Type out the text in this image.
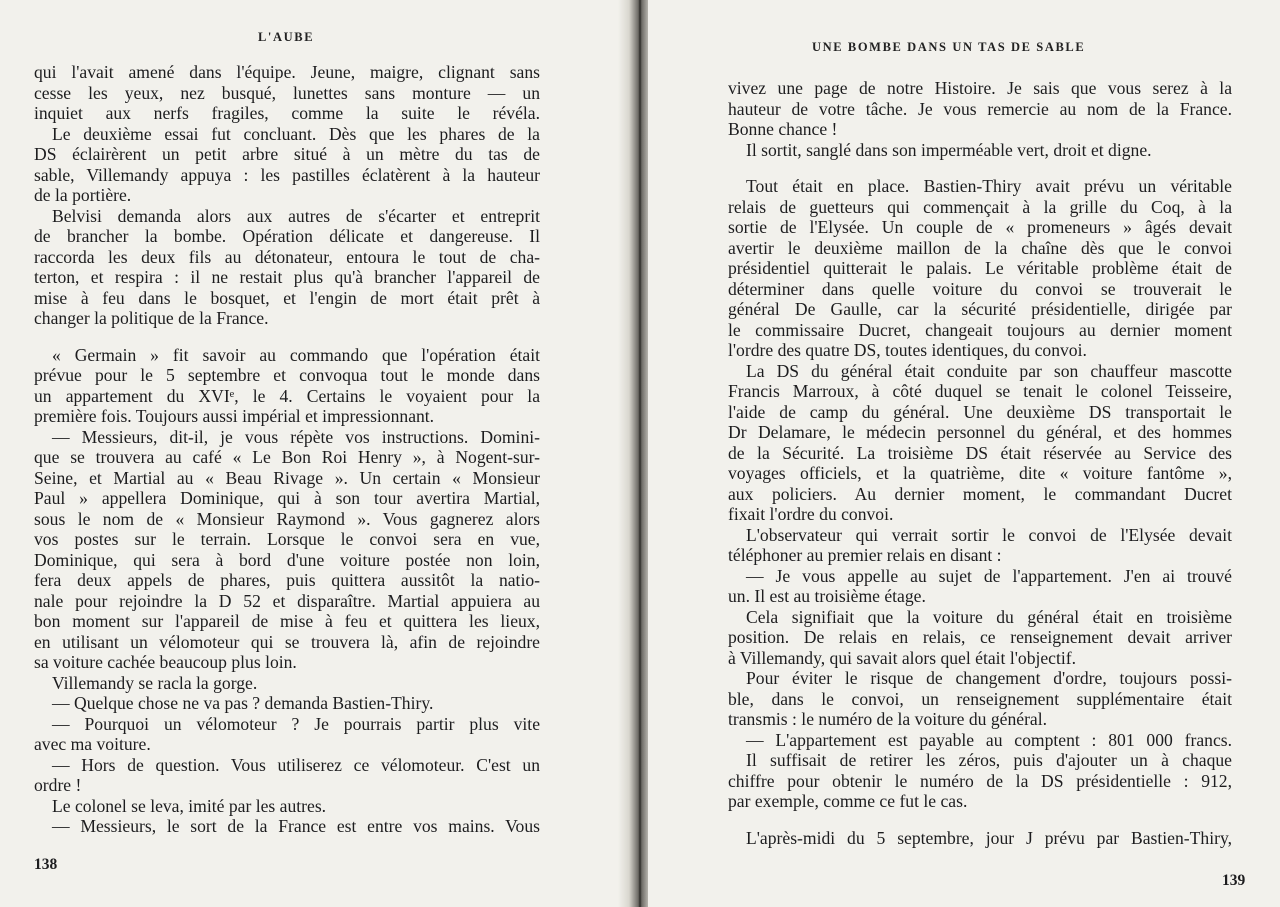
L'AUBE
qui l'avait amené dans l'équipe. Jeune, maigre, clignant sans
cesse les yeux, nez busqué, lunettes sans monture — un
inquiet aux nerfs fragiles, comme la suite le révéla.
Le deuxième essai fut concluant. Dès que les phares de la
DS éclairèrent un petit arbre situé à un mètre du tas de
sable, Villemandy appuya : les pastilles éclatèrent à la hauteur
de la portière.
Belvisi demanda alors aux autres de s'écarter et entreprit
de brancher la bombe. Opération délicate et dangereuse. Il
raccorda les deux fils au détonateur, entoura le tout de cha-
terton, et respira : il ne restait plus qu'à brancher l'appareil de
mise à feu dans le bosquet, et l'engin de mort était prêt à
changer la politique de la France.
« Germain » fit savoir au commando que l'opération était
prévue pour le 5 septembre et convoqua tout le monde dans
un appartement du XVIᵉ, le 4. Certains le voyaient pour la
première fois. Toujours aussi impérial et impressionnant.
— Messieurs, dit-il, je vous répète vos instructions. Domini-
que se trouvera au café « Le Bon Roi Henry », à Nogent-sur-
Seine, et Martial au « Beau Rivage ». Un certain « Monsieur
Paul » appellera Dominique, qui à son tour avertira Martial,
sous le nom de « Monsieur Raymond ». Vous gagnerez alors
vos postes sur le terrain. Lorsque le convoi sera en vue,
Dominique, qui sera à bord d'une voiture postée non loin,
fera deux appels de phares, puis quittera aussitôt la natio-
nale pour rejoindre la D 52 et disparaître. Martial appuiera au
bon moment sur l'appareil de mise à feu et quittera les lieux,
en utilisant un vélomoteur qui se trouvera là, afin de rejoindre
sa voiture cachée beaucoup plus loin.
Villemandy se racla la gorge.
— Quelque chose ne va pas ? demanda Bastien-Thiry.
— Pourquoi un vélomoteur ? Je pourrais partir plus vite
avec ma voiture.
— Hors de question. Vous utiliserez ce vélomoteur. C'est un
ordre !
Le colonel se leva, imité par les autres.
— Messieurs, le sort de la France est entre vos mains. Vous
138
UNE BOMBE DANS UN TAS DE SABLE
vivez une page de notre Histoire. Je sais que vous serez à la
hauteur de votre tâche. Je vous remercie au nom de la France.
Bonne chance !
Il sortit, sanglé dans son imperméable vert, droit et digne.
Tout était en place. Bastien-Thiry avait prévu un véritable
relais de guetteurs qui commençait à la grille du Coq, à la
sortie de l'Elysée. Un couple de « promeneurs » âgés devait
avertir le deuxième maillon de la chaîne dès que le convoi
présidentiel quitterait le palais. Le véritable problème était de
déterminer dans quelle voiture du convoi se trouverait le
général De Gaulle, car la sécurité présidentielle, dirigée par
le commissaire Ducret, changeait toujours au dernier moment
l'ordre des quatre DS, toutes identiques, du convoi.
La DS du général était conduite par son chauffeur mascotte
Francis Marroux, à côté duquel se tenait le colonel Teisseire,
l'aide de camp du général. Une deuxième DS transportait le
Dr Delamare, le médecin personnel du général, et des hommes
de la Sécurité. La troisième DS était réservée au Service des
voyages officiels, et la quatrième, dite « voiture fantôme »,
aux policiers. Au dernier moment, le commandant Ducret
fixait l'ordre du convoi.
L'observateur qui verrait sortir le convoi de l'Elysée devait
téléphoner au premier relais en disant :
— Je vous appelle au sujet de l'appartement. J'en ai trouvé
un. Il est au troisième étage.
Cela signifiait que la voiture du général était en troisième
position. De relais en relais, ce renseignement devait arriver
à Villemandy, qui savait alors quel était l'objectif.
Pour éviter le risque de changement d'ordre, toujours possi-
ble, dans le convoi, un renseignement supplémentaire était
transmis : le numéro de la voiture du général.
— L'appartement est payable au comptent : 801 000 francs.
Il suffisait de retirer les zéros, puis d'ajouter un à chaque
chiffre pour obtenir le numéro de la DS présidentielle : 912,
par exemple, comme ce fut le cas.
L'après-midi du 5 septembre, jour J prévu par Bastien-Thiry,
139
